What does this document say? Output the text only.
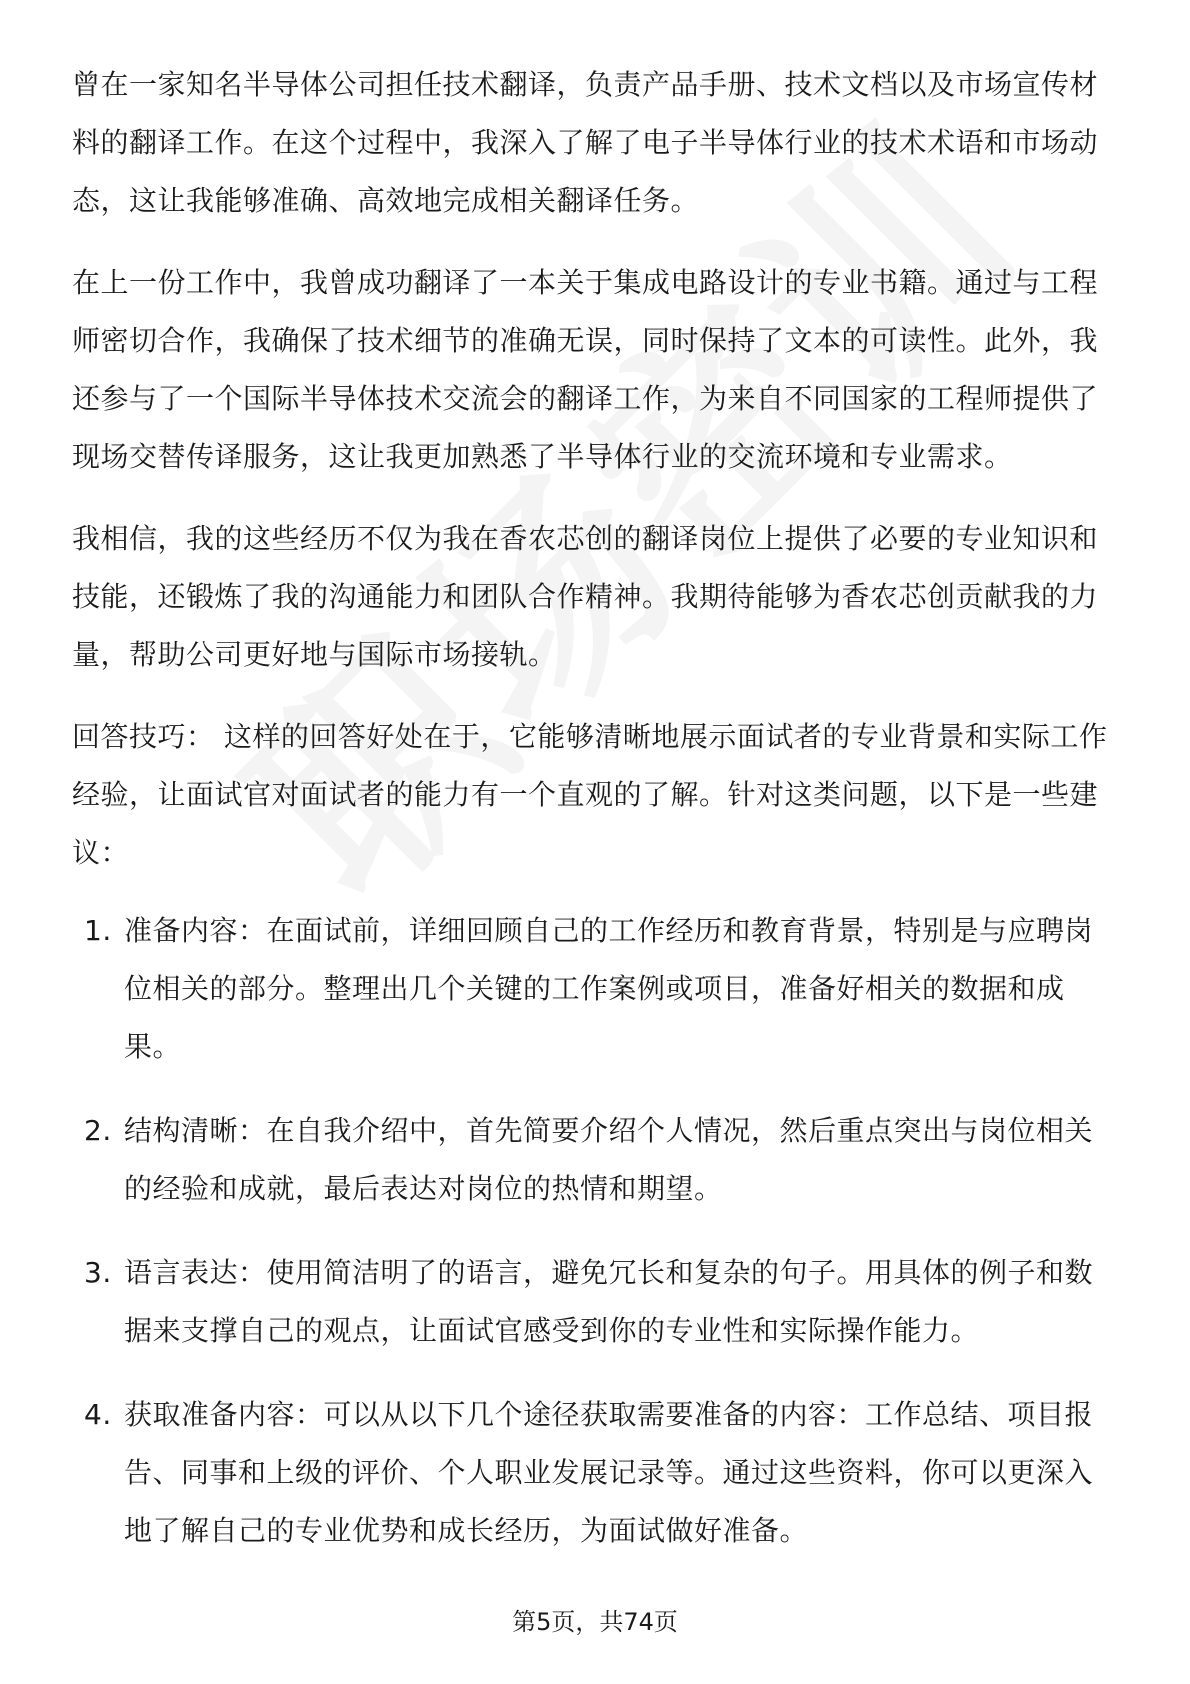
曾在一家知名半导体公司担任技术翻译，负责产品手册、技术文档以及市场宣传材料的翻译工作。在这个过程中，我深入了解了电子半导体行业的技术术语和市场动态，这让我能够准确、高效地完成相关翻译任务。

在上一份工作中，我曾成功翻译了一本关于集成电路设计的专业书籍。通过与工程师密切合作，我确保了技术细节的准确无误，同时保持了文本的可读性。此外，我还参与了一个国际半导体技术交流会的翻译工作，为来自不同国家的工程师提供了现场交替传译服务，这让我更加熟悉了半导体行业的交流环境和专业需求。

我相信，我的这些经历不仅为我在香农芯创的翻译岗位上提供了必要的专业知识和技能，还锻炼了我的沟通能力和团队合作精神。我期待能够为香农芯创贡献我的力量，帮助公司更好地与国际市场接轨。

回答技巧： 这样的回答好处在于，它能够清晰地展示面试者的专业背景和实际工作经验，让面试官对面试者的能力有一个直观的了解。针对这类问题，以下是一些建议：

1. 准备内容：在面试前，详细回顾自己的工作经历和教育背景，特别是与应聘岗位相关的部分。整理出几个关键的工作案例或项目，准备好相关的数据和成果。
2. 结构清晰：在自我介绍中，首先简要介绍个人情况，然后重点突出与岗位相关的经验和成就，最后表达对岗位的热情和期望。
3. 语言表达：使用简洁明了的语言，避免冗长和复杂的句子。用具体的例子和数据来支撑自己的观点，让面试官感受到你的专业性和实际操作能力。
4. 获取准备内容：可以从以下几个途径获取需要准备的内容：工作总结、项目报告、同事和上级的评价、个人职业发展记录等。通过这些资料，你可以更深入地了解自己的专业优势和成长经历，为面试做好准备。
第5页，共74页
